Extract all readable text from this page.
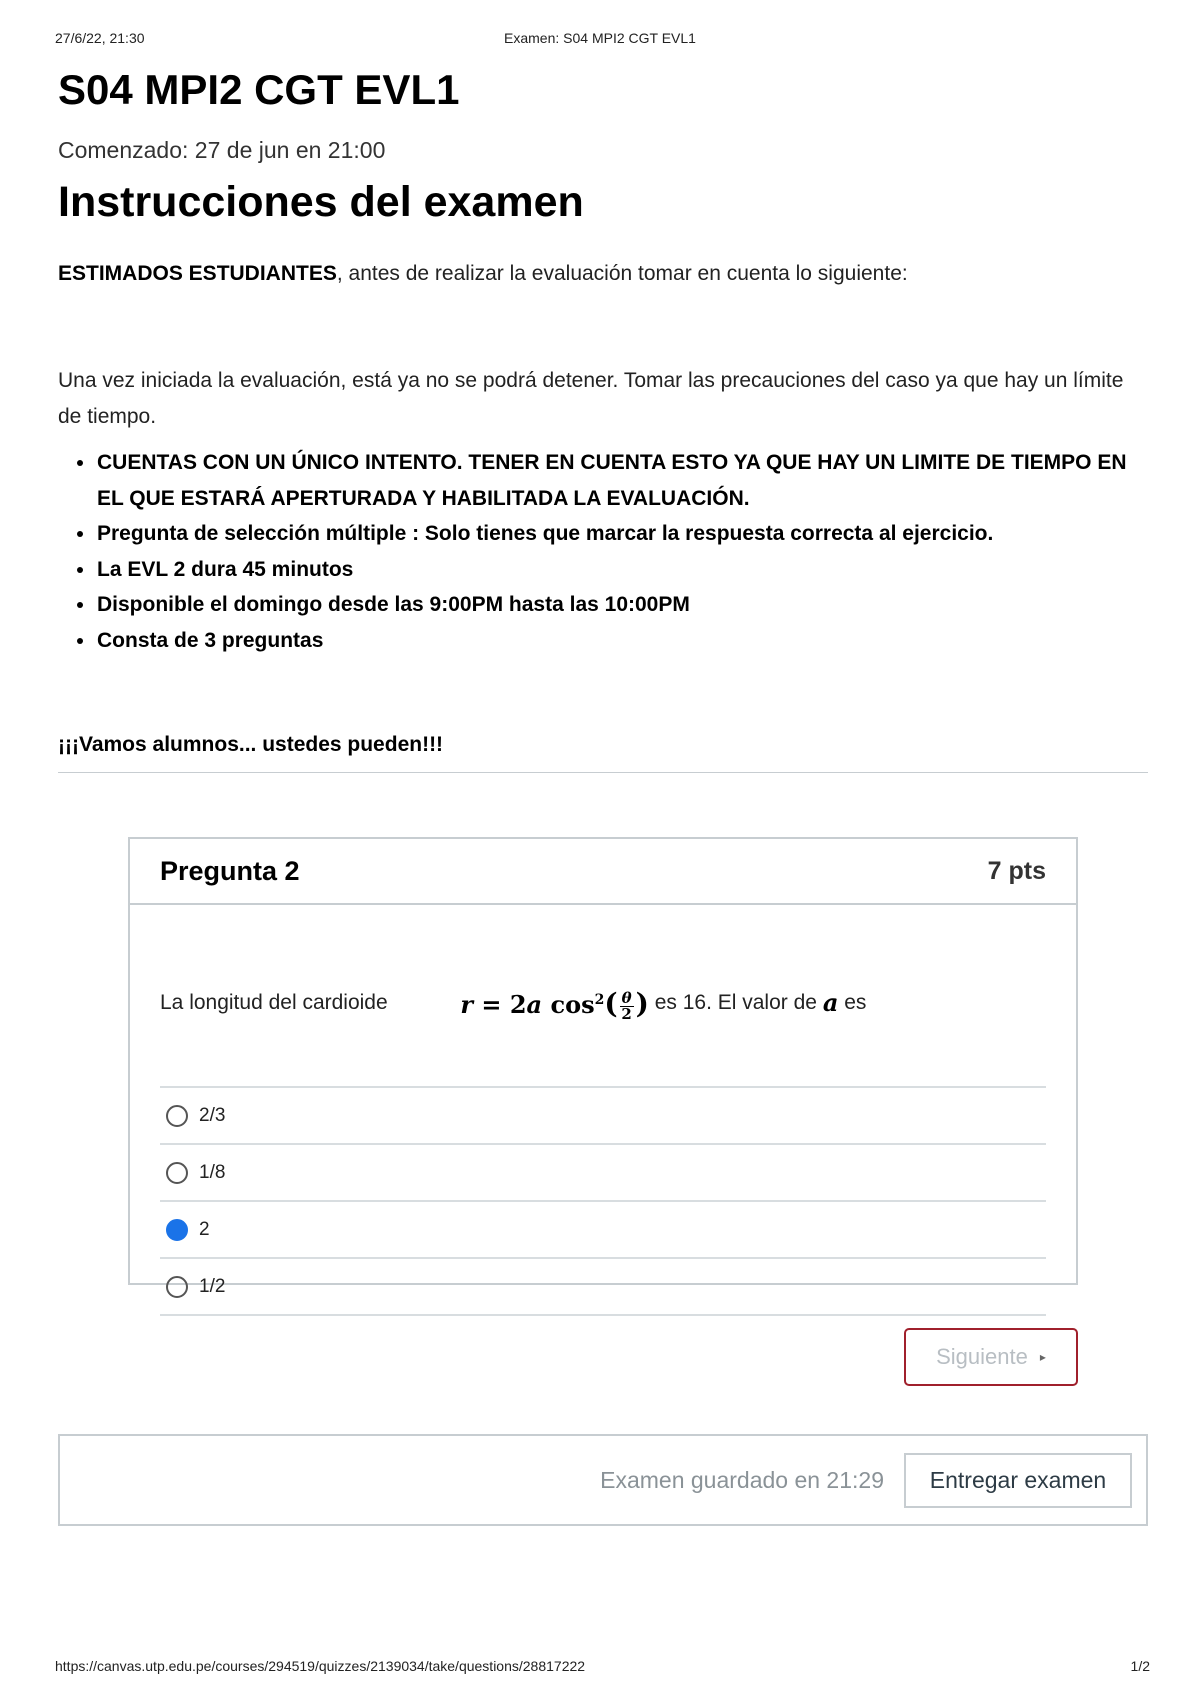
27/6/22, 21:30	Examen: S04 MPI2 CGT EVL1
S04 MPI2 CGT EVL1
Comenzado: 27 de jun en 21:00
Instrucciones del examen
ESTIMADOS ESTUDIANTES, antes de realizar la evaluación tomar en cuenta lo siguiente:
Una vez iniciada la evaluación, está ya no se podrá detener. Tomar las precauciones del caso ya que hay un límite de tiempo.
• CUENTAS CON UN ÚNICO INTENTO. TENER EN CUENTA ESTO YA QUE HAY UN LIMITE DE TIEMPO EN EL QUE ESTARÁ APERTURADA Y HABILITADA LA EVALUACIÓN.
• Pregunta de selección múltiple : Solo tienes que marcar la respuesta correcta al ejercicio.
• La EVL 2 dura 45 minutos
• Disponible el domingo desde las 9:00PM hasta las 10:00PM
• Consta de 3 preguntas
¡¡¡Vamos alumnos... ustedes pueden!!!
Pregunta 2	7 pts
La longitud del cardioide	r = 2a $\cos^2( \frac{\theta}{2}$ )
es 16. El valor de a es
2/3
1/8
2
1/2
Siguiente ▸
Examen guardado en 21:29	Entregar examen
https://canvas.utp.edu.pe/courses/294519/quizzes/2139034/take/questions/28817222	1/2
